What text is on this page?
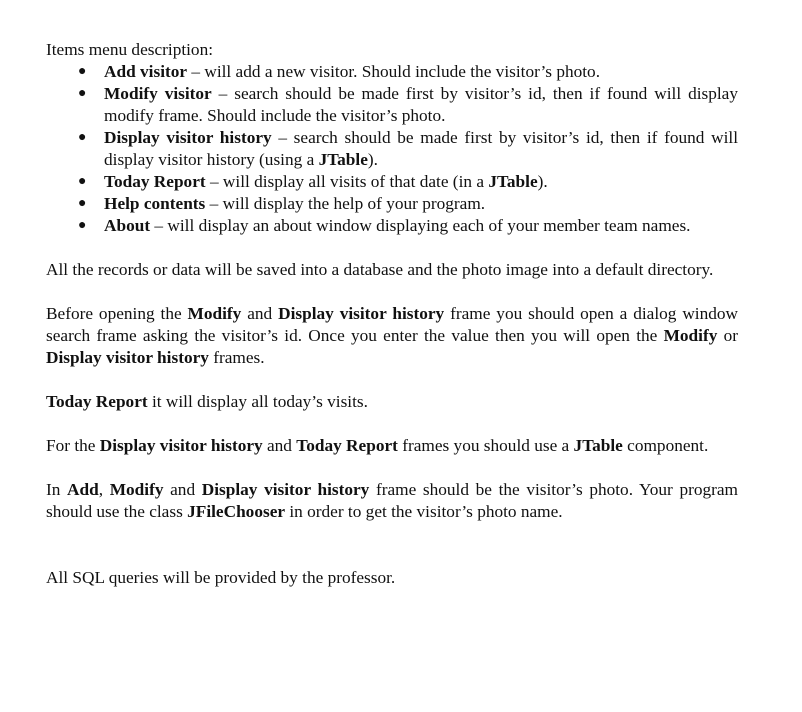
Items menu description:

● Add visitor – will add a new visitor. Should include the visitor’s photo.
● Modify visitor – search should be made first by visitor’s id, then if found will display modify frame. Should include the visitor’s photo.
● Display visitor history – search should be made first by visitor’s id, then if found will display visitor history (using a JTable).
● Today Report – will display all visits of that date (in a JTable).
● Help contents – will display the help of your program.
● About – will display an about window displaying each of your member team names.

All the records or data will be saved into a database and the photo image into a default directory.

Before opening the Modify and Display visitor history frame you should open a dialog window search frame asking the visitor’s id. Once you enter the value then you will open the Modify or Display visitor history frames.

Today Report it will display all today’s visits.

For the Display visitor history and Today Report frames you should use a JTable component.

In Add, Modify and Display visitor history frame should be the visitor’s photo. Your program should use the class JFileChooser in order to get the visitor’s photo name.

All SQL queries will be provided by the professor.
